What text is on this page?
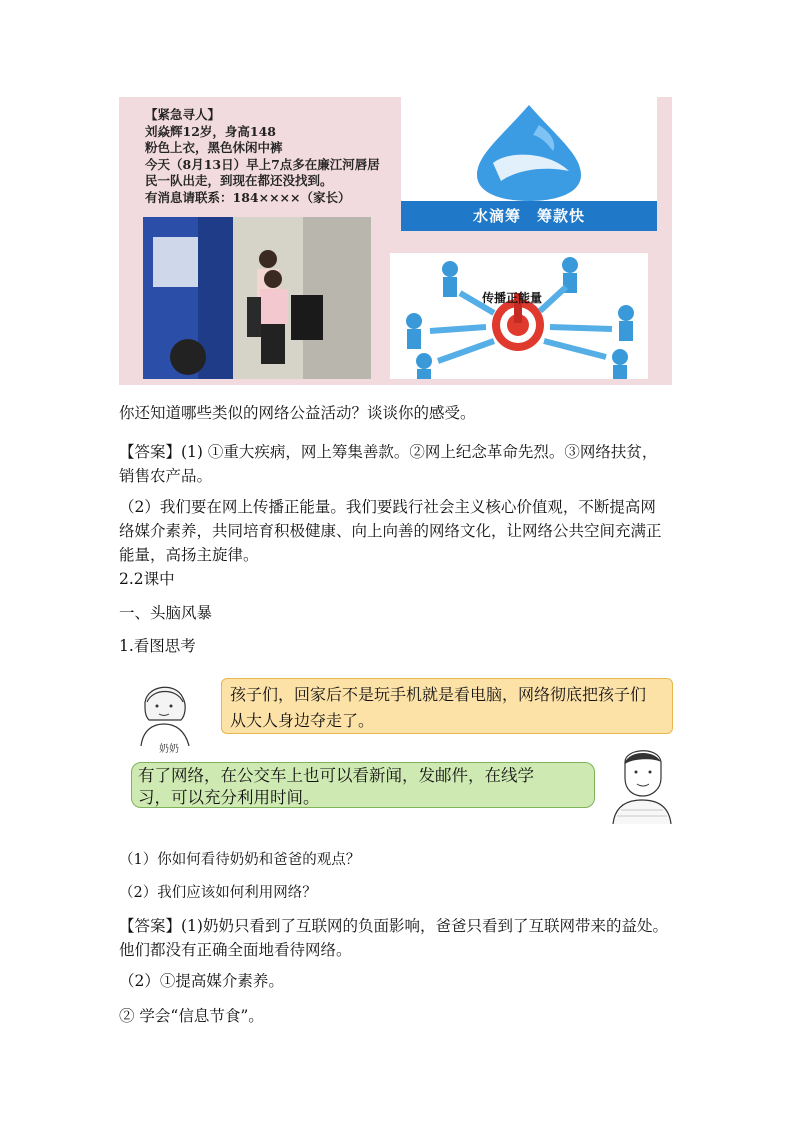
【紧急寻人】
刘焱辉12岁，身高148
粉色上衣，黑色休闲中裤
今天（8月13日）早上7点多在廉江河唇居
民一队出走，到现在都还没找到。
有消息请联系：184××××（家长）
水滴筹　筹款快
传播正能量
你还知道哪些类似的网络公益活动？谈谈你的感受。
【答案】(1) ①重大疾病，网上筹集善款。②网上纪念革命先烈。③网络扶贫，
销售农产品。
（2）我们要在网上传播正能量。我们要践行社会主义核心价值观，不断提高网
络媒介素养，共同培育积极健康、向上向善的网络文化，让网络公共空间充满正
能量，高扬主旋律。
2.2课中
一、头脑风暴
1.看图思考
奶奶
孩子们，回家后不是玩手机就是看电脑，网络彻底把孩子们
从大人身边夺走了。
有了网络，在公交车上也可以看新闻，发邮件，在线学
习，可以充分利用时间。
（1）你如何看待奶奶和爸爸的观点？
（2）我们应该如何利用网络？
【答案】(1)奶奶只看到了互联网的负面影响，爸爸只看到了互联网带来的益处。
他们都没有正确全面地看待网络。
（2）①提高媒介素养。
② 学会“信息节食”。
